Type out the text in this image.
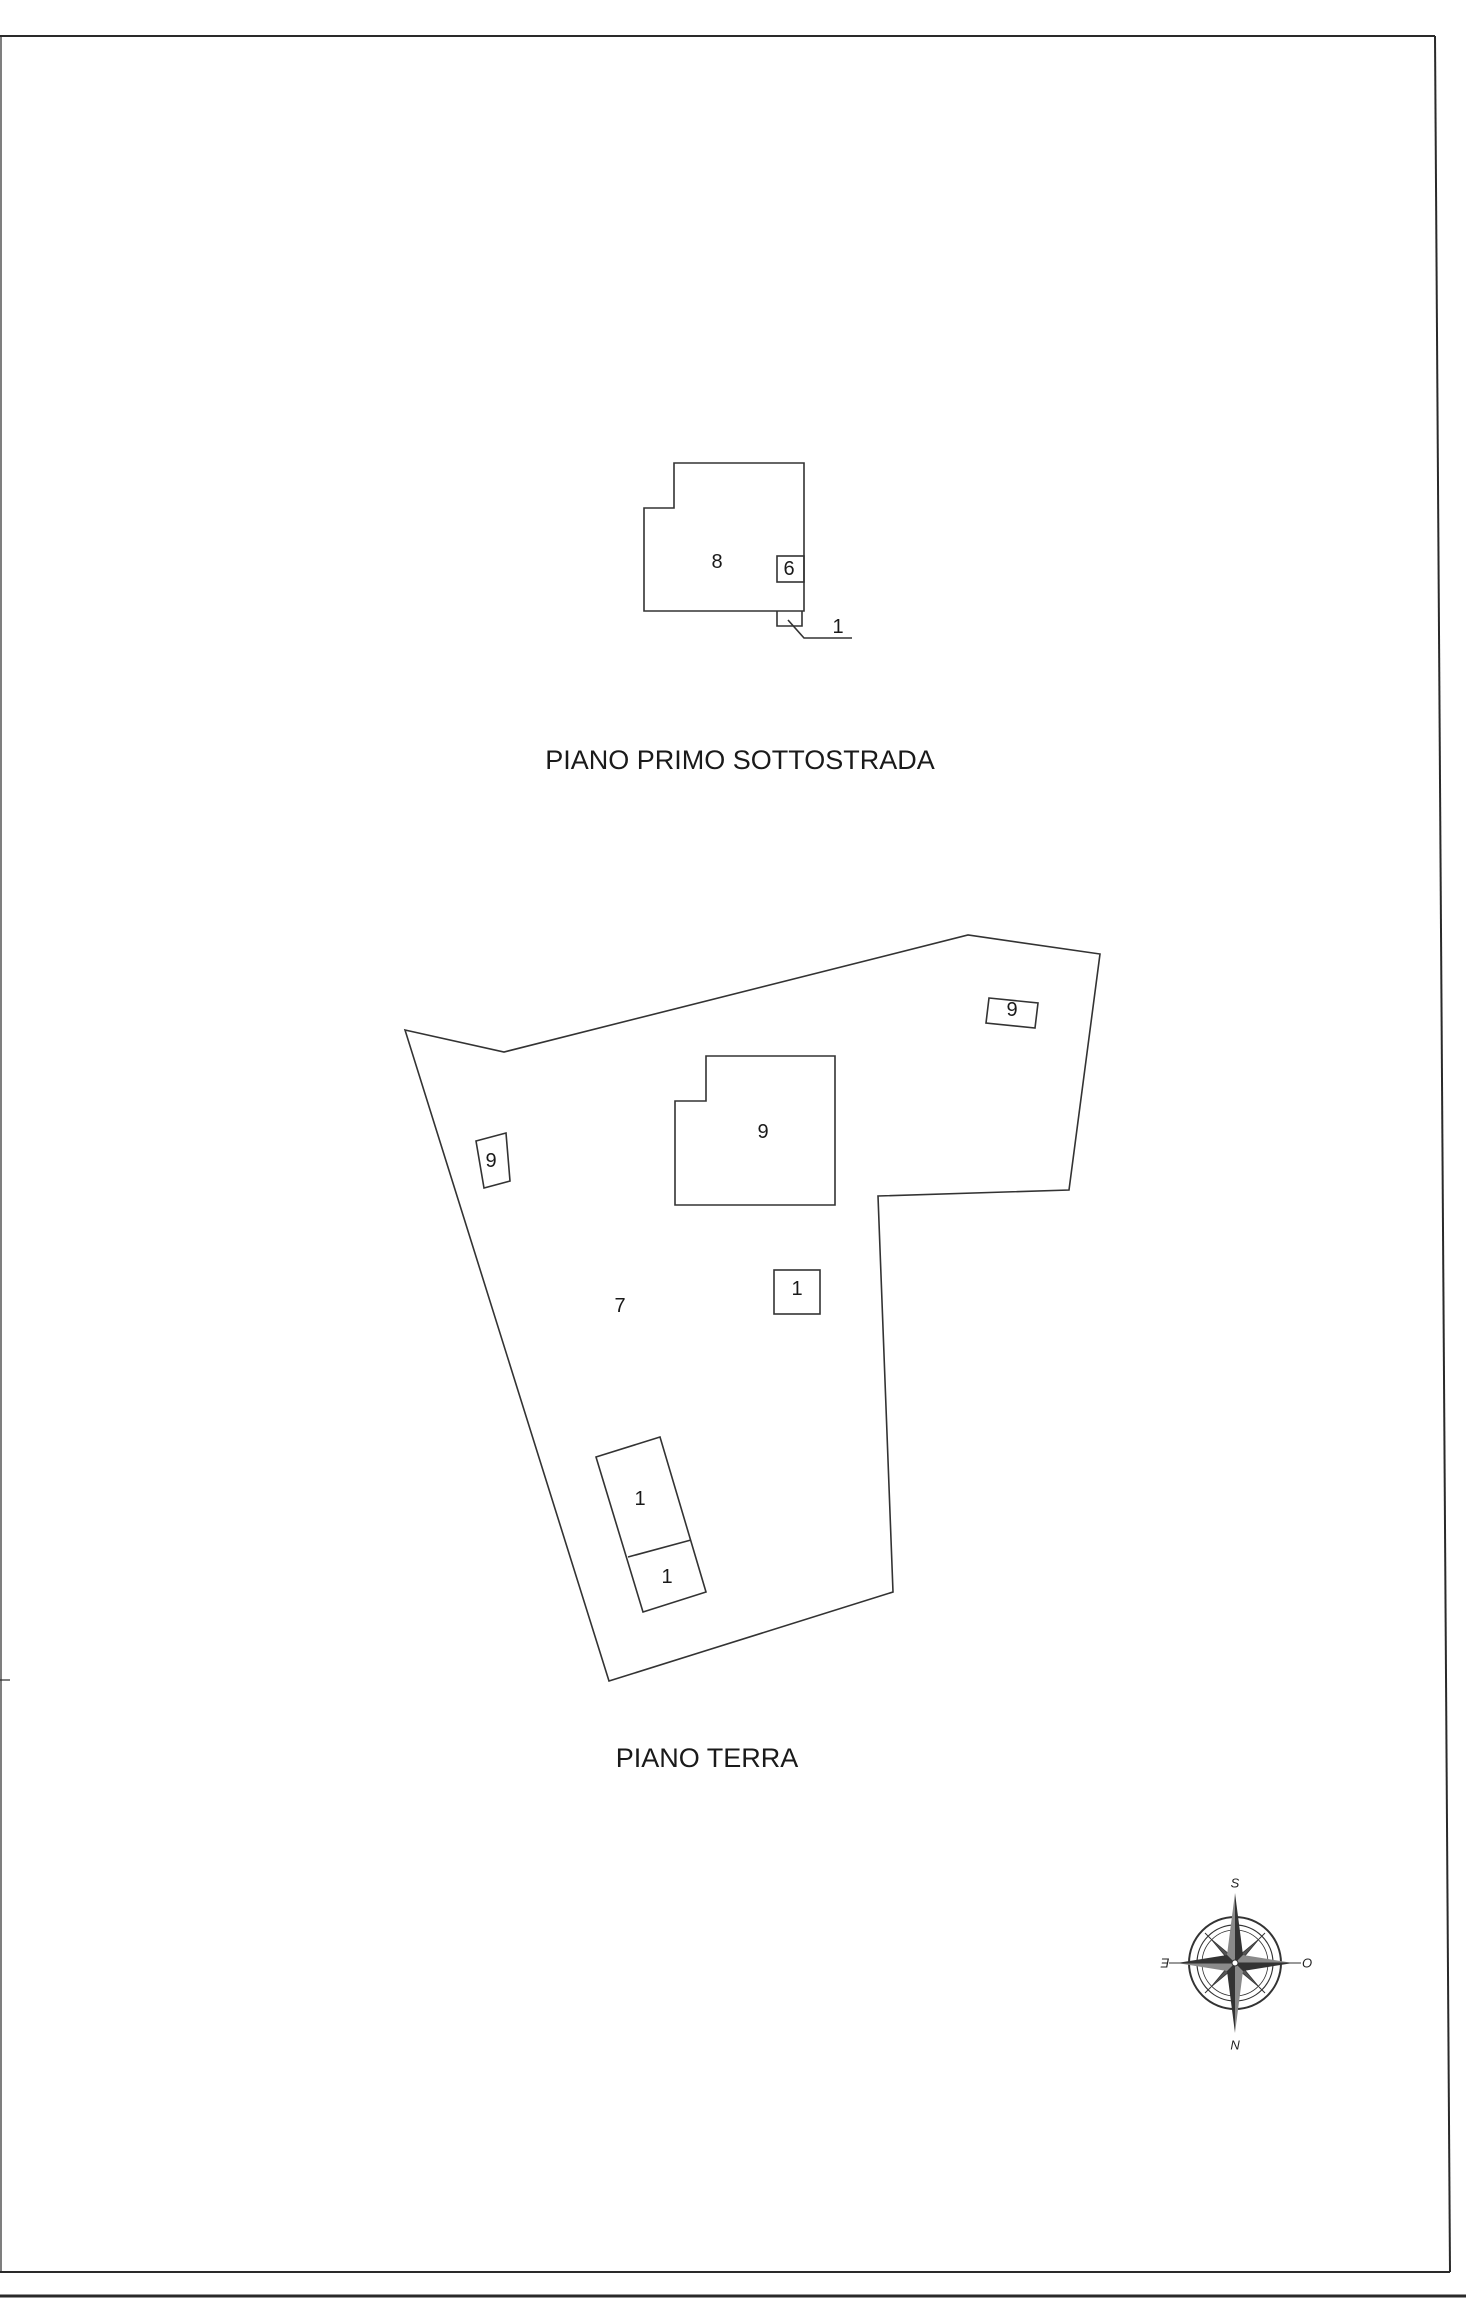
8	6
1
PIANO PRIMO SOTTOSTRADA
7
9
9
9
1
1
1
PIANO TERRA
S
N
E	O
